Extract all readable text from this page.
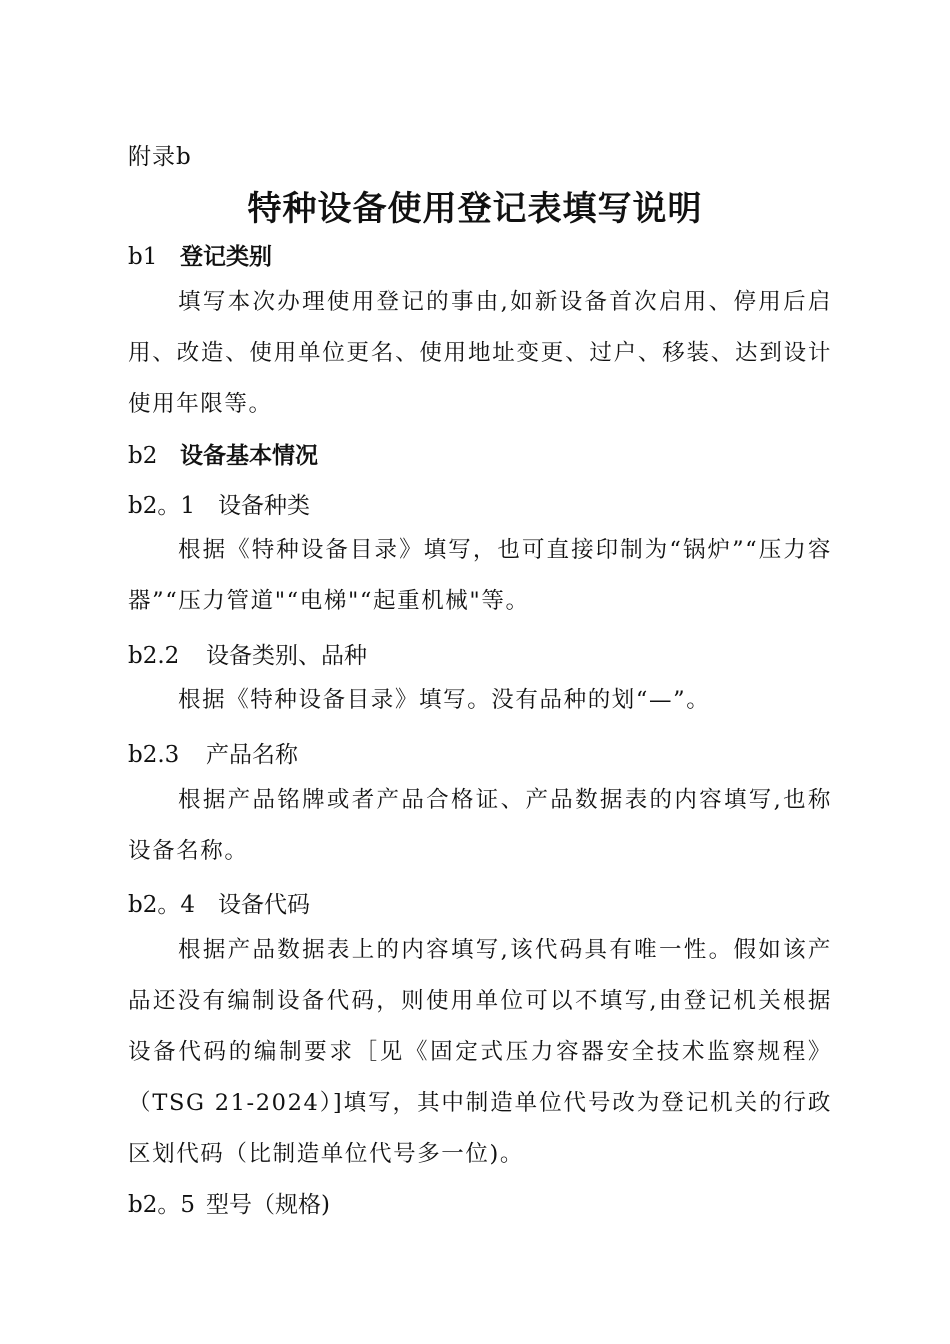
附录b
特种设备使用登记表填写说明
b1 登记类别
填写本次办理使用登记的事由,如新设备首次启用、停用后启用、改造、使用单位更名、使用地址变更、过户、移装、达到设计使用年限等。
b2 设备基本情况
b2。1 设备种类
根据《特种设备目录》填写，也可直接印制为“锅炉”“压力容器”“压力管道"“电梯"“起重机械"等。
b2.2 设备类别、品种
根据《特种设备目录》填写。没有品种的划“—”。
b2.3 产品名称
根据产品铭牌或者产品合格证、产品数据表的内容填写,也称设备名称。
b2。4 设备代码
根据产品数据表上的内容填写,该代码具有唯一性。假如该产品还没有编制设备代码，则使用单位可以不填写,由登记机关根据设备代码的编制要求［见《固定式压力容器安全技术监察规程》（TSG 21-2024）]填写，其中制造单位代号改为登记机关的行政区划代码（比制造单位代号多一位)。
b2。5 型号（规格)
